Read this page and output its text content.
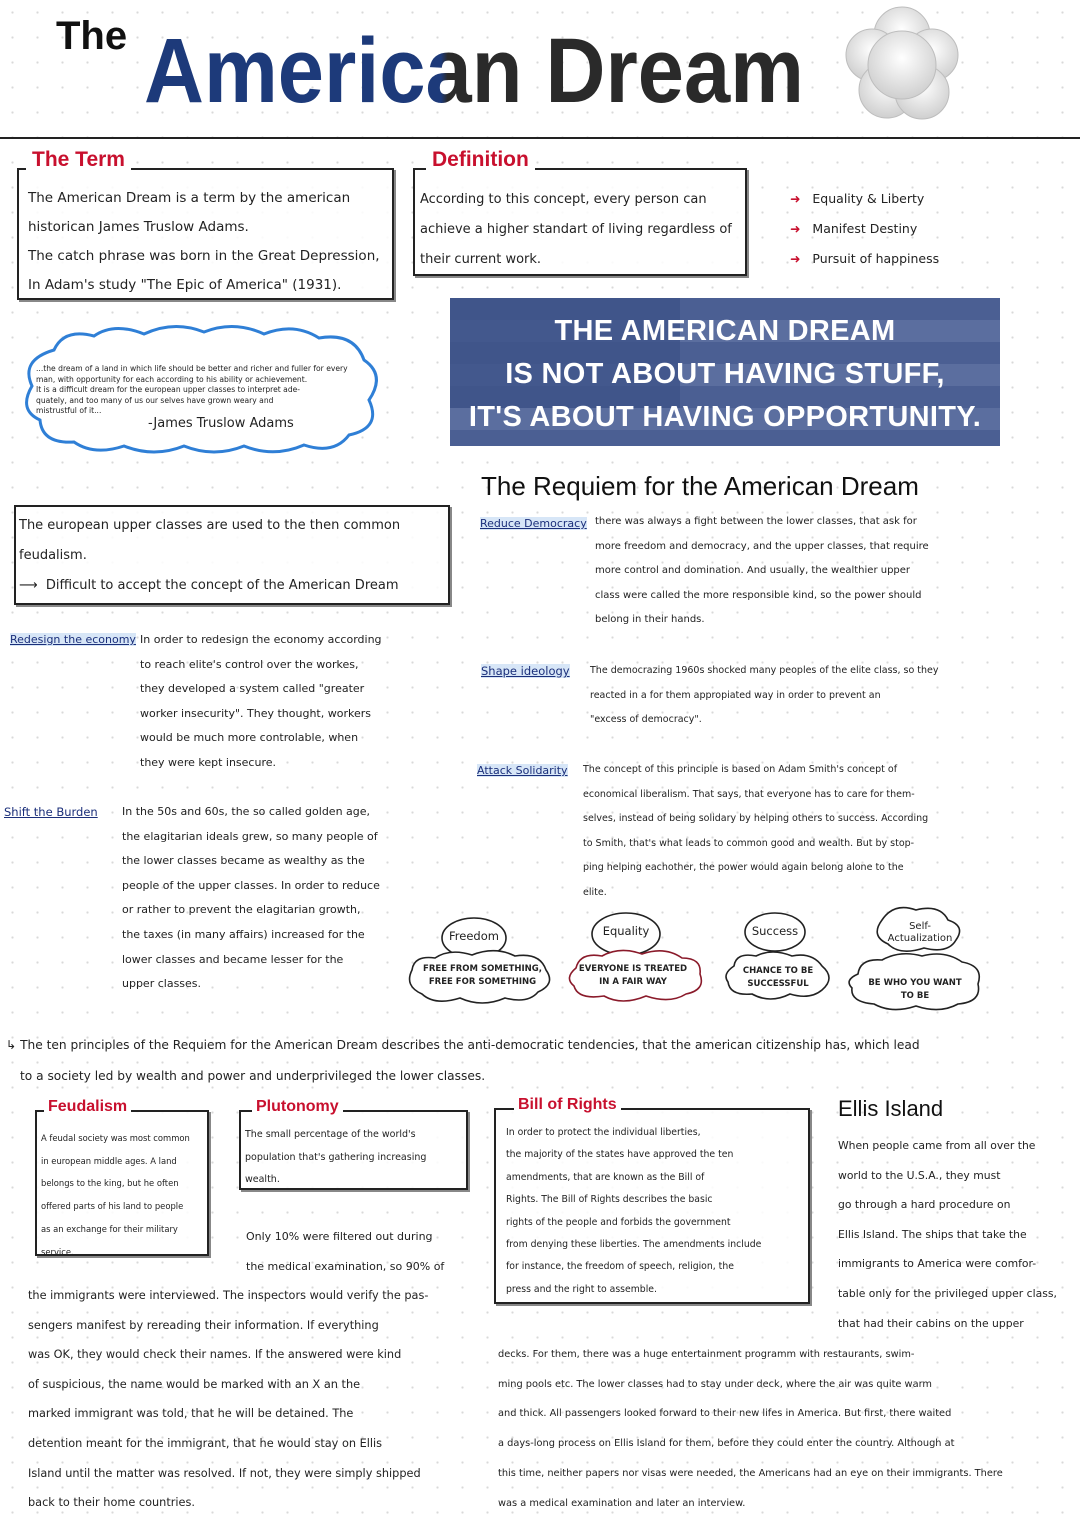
The American Dream
The Term
The American Dream is a term by the american
historican James Truslow Adams.
The catch phrase was born in the Great Depression,
In Adam's study "The Epic of America" (1931).
Definition
According to this concept, every person can
achieve a higher standart of living regardless of
their current work.
➜ Equality & Liberty
➜ Manifest Destiny
➜ Pursuit of happiness
...the dream of a land in which life should be better and richer and fuller for every
man, with opportunity for each according to his ability or achievement.
It is a difficult dream for the european upper classes to interpret ade-
quately, and too many of us our selves have grown weary and
mistrustful of it...
-James Truslow Adams
THE AMERICAN DREAM
IS NOT ABOUT HAVING STUFF,
IT'S ABOUT HAVING OPPORTUNITY.
The Requiem for the American Dream
The european upper classes are used to the then common
feudalism.
⟶ Difficult to accept the concept of the American Dream
Redesign the economy In order to redesign the economy according
to reach elite's control over the workes,
they developed a system called "greater
worker insecurity". They thought, workers
would be much more controlable, when
they were kept insecure.
Shift the Burden In the 50s and 60s, the so called golden age,
the elagitarian ideals grew, so many people of
the lower classes became as wealthy as the
people of the upper classes. In order to reduce
or rather to prevent the elagitarian growth,
the taxes (in many affairs) increased for the
lower classes and became lesser for the
upper classes.
Reduce Democracy there was always a fight between the lower classes, that ask for
more freedom and democracy, and the upper classes, that require
more control and domination. And usually, the wealthier upper
class were called the more responsible kind, so the power should
belong in their hands.
Shape ideology The democrazing 1960s shocked many peoples of the elite class, so they
reacted in a for them appropiated way in order to prevent an
"excess of democracy".
Attack Solidarity The concept of this principle is based on Adam Smith's concept of
economical liberalism. That says, that everyone has to care for them-
selves, instead of being solidary by helping others to success. According
to Smith, that's what leads to common good and wealth. But by stop-
ping helping eachother, the power would again belong alone to the
elite.
Freedom
FREE FROM SOMETHING,
FREE FOR SOMETHING
Equality
EVERYONE IS TREATED
IN A FAIR WAY
Success
CHANCE TO BE
SUCCESSFUL
Self-
Actualization
BE WHO YOU WANT
TO BE
↳ The ten principles of the Requiem for the American Dream describes the anti-democratic tendencies, that the american citizenship has, which lead
to a society led by wealth and power and underprivileged the lower classes.
Feudalism
A feudal society was most common
in european middle ages. A land
belongs to the king, but he often
offered parts of his land to people
as an exchange for their military
service.
Plutonomy
The small percentage of the world's
population that's gathering increasing
wealth.
Bill of Rights
In order to protect the individual liberties,
the majority of the states have approved the ten
amendments, that are known as the Bill of
Rights. The Bill of Rights describes the basic
rights of the people and forbids the government
from denying these liberties. The amendments include
for instance, the freedom of speech, religion, the
press and the right to assemble.
Ellis Island
When people came from all over the
world to the U.S.A., they must
go through a hard procedure on
Ellis Island. The ships that take the
immigrants to America were comfor-
table only for the privileged upper class,
that had their cabins on the upper
Only 10% were filtered out during
the medical examination, so 90% of
the immigrants were interviewed. The inspectors would verify the pas-
sengers manifest by rereading their information. If everything
was OK, they would check their names. If the answered were kind
of suspicious, the name would be marked with an X an the
marked immigrant was told, that he will be detained. The
detention meant for the immigrant, that he would stay on Ellis
Island until the matter was resolved. If not, they were simply shipped
back to their home countries.
decks. For them, there was a huge entertainment programm with restaurants, swim-
ming pools etc. The lower classes had to stay under deck, where the air was quite warm
and thick. All passengers looked forward to their new lifes in America. But first, there waited
a days-long process on Ellis Island for them, before they could enter the country. Although at
this time, neither papers nor visas were needed, the Americans had an eye on their immigrants. There
was a medical examination and later an interview.
